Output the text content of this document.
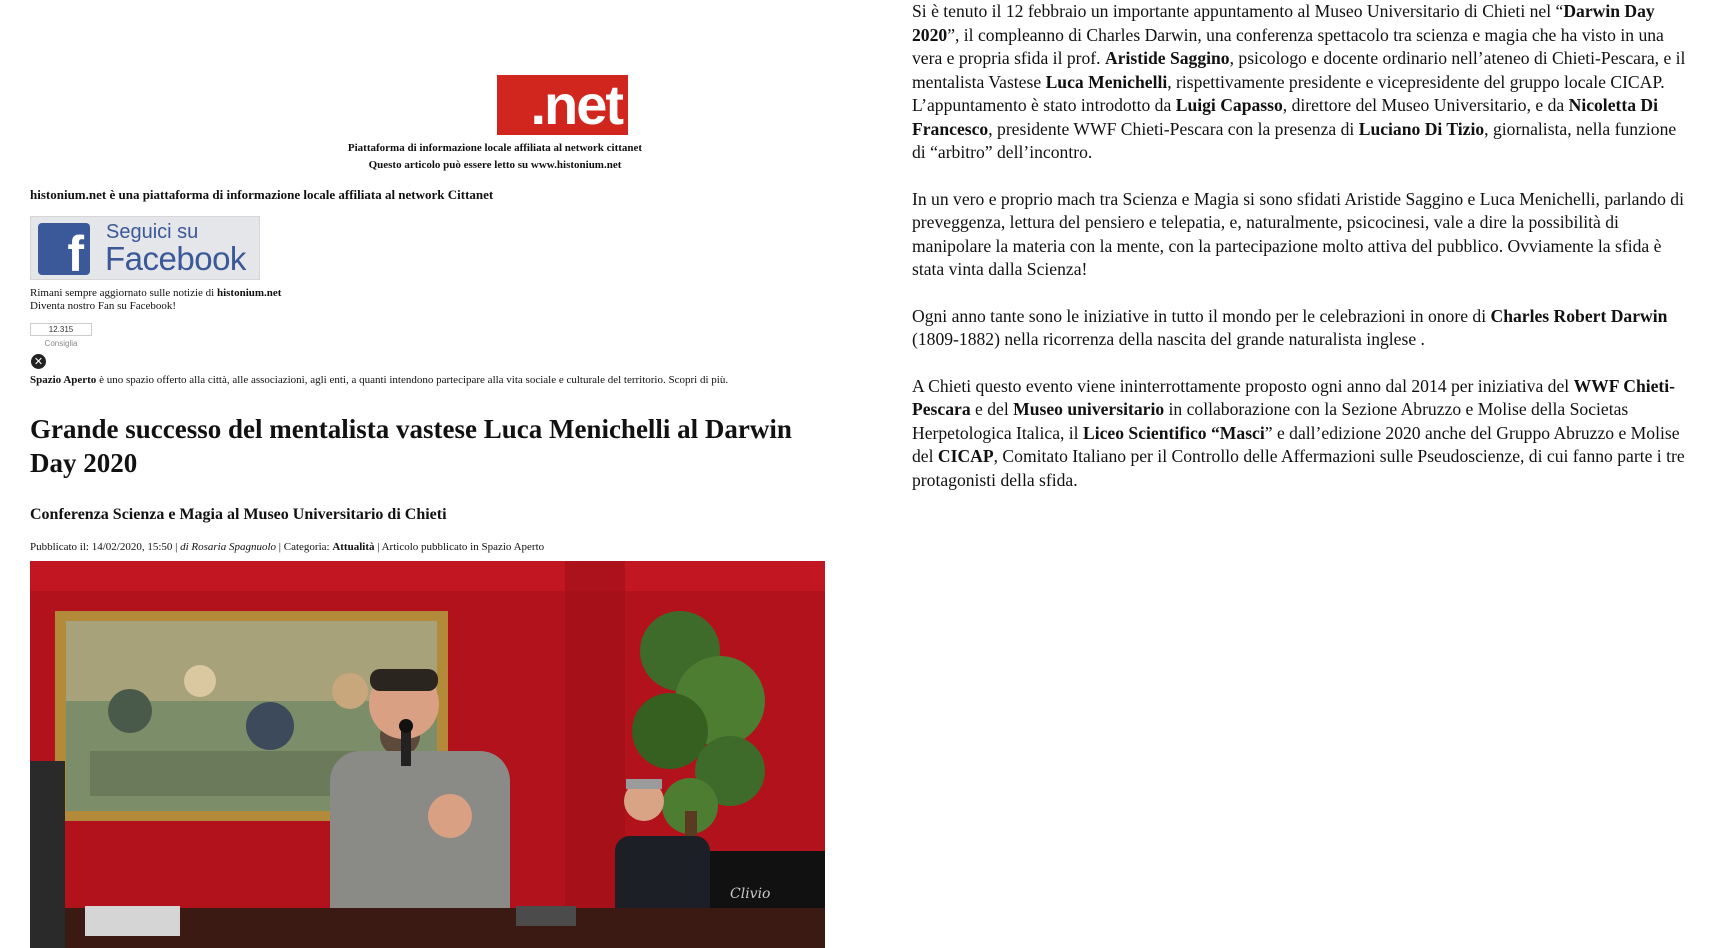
.net
Piattaforma di informazione locale affiliata al network cittanet
Questo articolo può essere letto su www.histonium.net
histonium.net è una piattaforma di informazione locale affiliata al network Cittanet
f	Seguici su
Facebook
Rimani sempre aggiornato sulle notizie di histonium.net
Diventa nostro Fan su Facebook!
12.315
Consiglia
✕
Spazio Aperto è uno spazio offerto alla città, alle associazioni, agli enti, a quanti intendono partecipare alla vita sociale e culturale del territorio. Scopri di più.
Grande successo del mentalista vastese Luca Menichelli al Darwin Day 2020
Conferenza Scienza e Magia al Museo Universitario di Chieti
Pubblicato il: 14/02/2020, 15:50 | di Rosaria Spagnuolo | Categoria: Attualità | Articolo pubblicato in Spazio Aperto
Clivio

Si è tenuto il 12 febbraio un importante appuntamento al Museo Universitario di Chieti nel “Darwin Day 2020”, il compleanno di Charles Darwin, una conferenza spettacolo tra scienza e magia che ha visto in una vera e propria sfida il prof. Aristide Saggino, psicologo e docente ordinario nell’ateneo di Chieti-Pescara, e il mentalista Vastese Luca Menichelli, rispettivamente presidente e vicepresidente del gruppo locale CICAP.
L’appuntamento è stato introdotto da Luigi Capasso, direttore del Museo Universitario, e da Nicoletta Di Francesco, presidente WWF Chieti-Pescara con la presenza di Luciano Di Tizio, giornalista, nella funzione di “arbitro” dell’incontro.

In un vero e proprio mach tra Scienza e Magia si sono sfidati Aristide Saggino e Luca Menichelli, parlando di preveggenza, lettura del pensiero e telepatia, e, naturalmente, psicocinesi, vale a dire la possibilità di manipolare la materia con la mente, con la partecipazione molto attiva del pubblico. Ovviamente la sfida è stata vinta dalla Scienza!

Ogni anno tante sono le iniziative in tutto il mondo per le celebrazioni in onore di Charles Robert Darwin (1809-1882) nella ricorrenza della nascita del grande naturalista inglese .

A Chieti questo evento viene ininterrottamente proposto ogni anno dal 2014 per iniziativa del WWF Chieti-Pescara e del Museo universitario in collaborazione con la Sezione Abruzzo e Molise della Societas Herpetologica Italica, il Liceo Scientifico “Masci” e dall’edizione 2020 anche del Gruppo Abruzzo e Molise del CICAP, Comitato Italiano per il Controllo delle Affermazioni sulle Pseudoscienze, di cui fanno parte i tre protagonisti della sfida.
